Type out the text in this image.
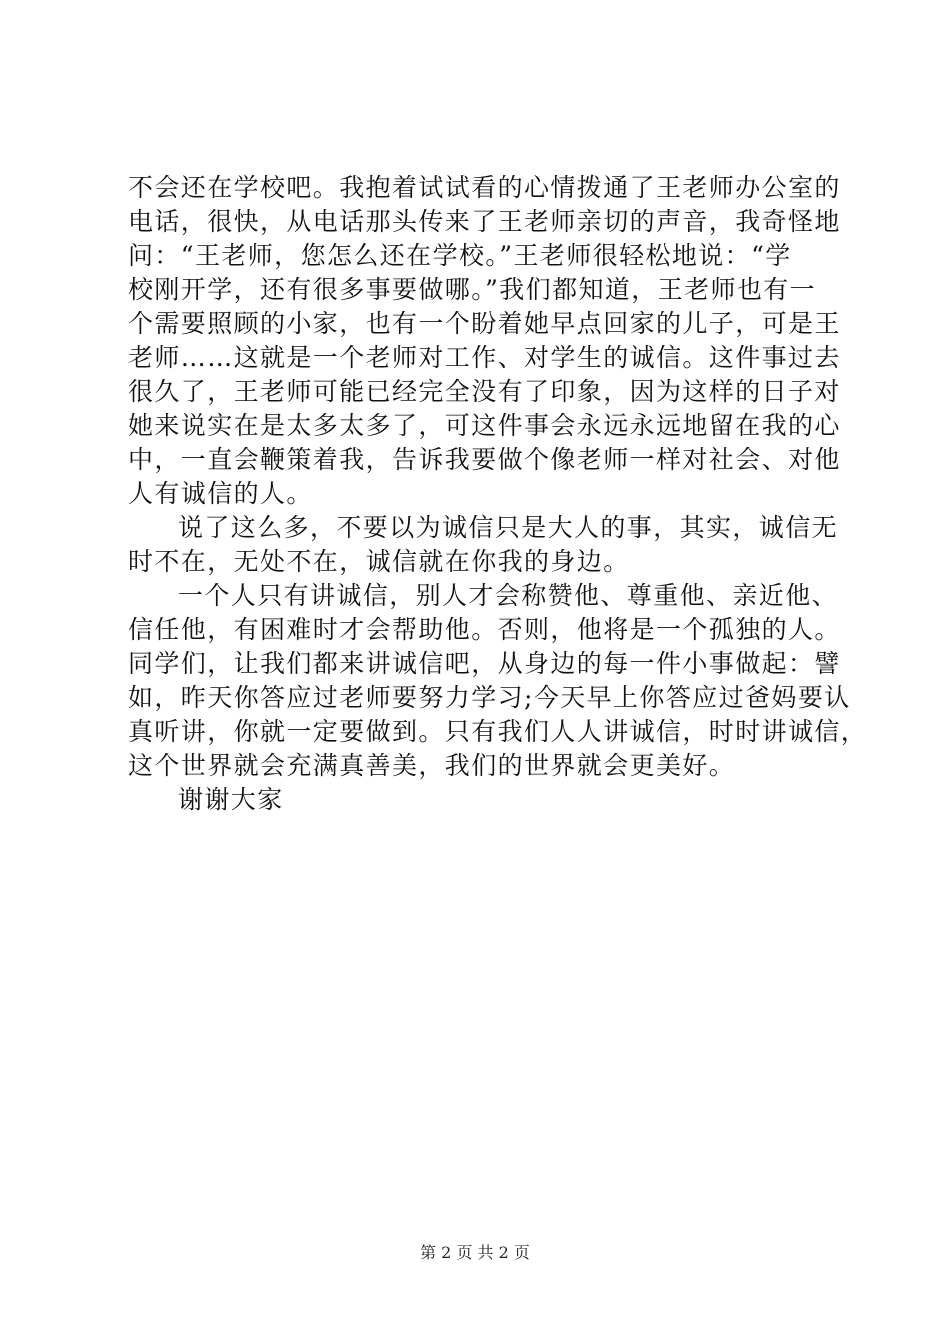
不会还在学校吧。我抱着试试看的心情拨通了王老师办公室的
电话，很快，从电话那头传来了王老师亲切的声音，我奇怪地
问：“王老师，您怎么还在学校。”王老师很轻松地说：“学
校刚开学，还有很多事要做哪。”我们都知道，王老师也有一
个需要照顾的小家，也有一个盼着她早点回家的儿子，可是王
老师……这就是一个老师对工作、对学生的诚信。这件事过去
很久了，王老师可能已经完全没有了印象，因为这样的日子对
她来说实在是太多太多了，可这件事会永远永远地留在我的心
中，一直会鞭策着我，告诉我要做个像老师一样对社会、对他
人有诚信的人。
说了这么多，不要以为诚信只是大人的事，其实，诚信无
时不在，无处不在，诚信就在你我的身边。
一个人只有讲诚信，别人才会称赞他、尊重他、亲近他、
信任他，有困难时才会帮助他。否则，他将是一个孤独的人。
同学们，让我们都来讲诚信吧，从身边的每一件小事做起：譬
如，昨天你答应过老师要努力学习;今天早上你答应过爸妈要认
真听讲，你就一定要做到。只有我们人人讲诚信，时时讲诚信，
这个世界就会充满真善美，我们的世界就会更美好。
谢谢大家
第 2 页 共 2 页
